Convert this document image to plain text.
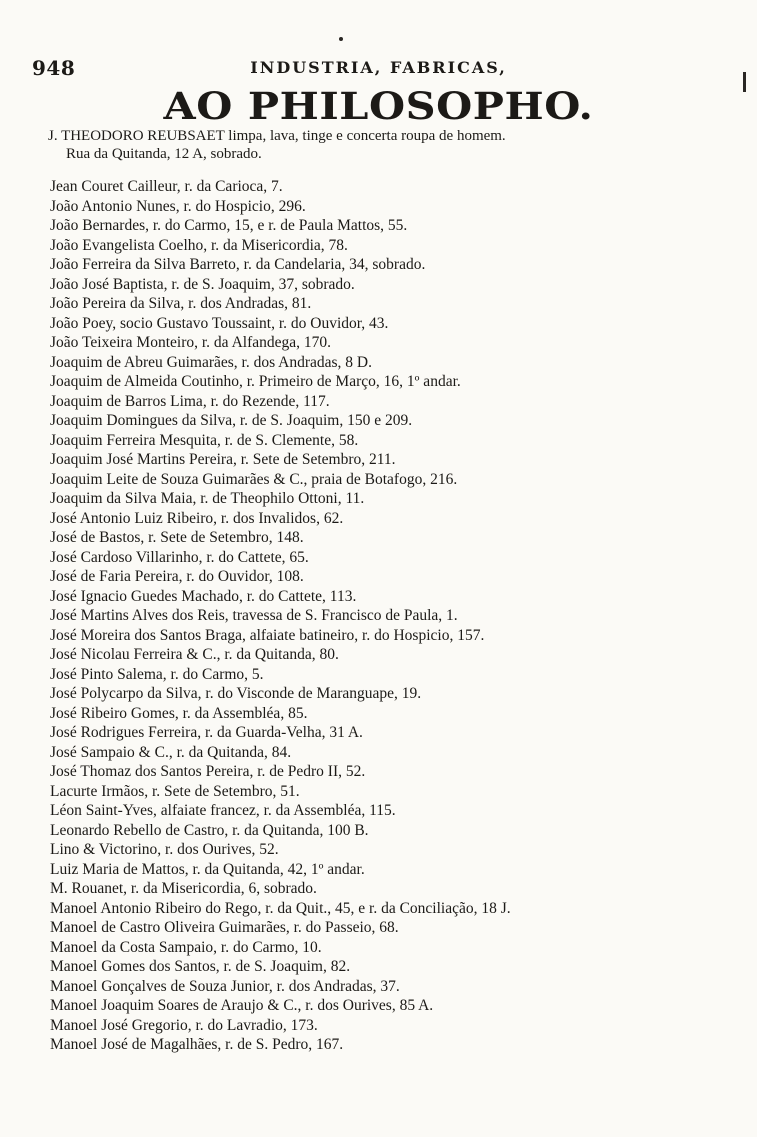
948	INDUSTRIA, FABRICAS,
AO PHILOSOPHO.
J. THEODORO REUBSAET limpa, lava, tinge e concerta roupa de homem.
Rua da Quitanda, 12 A, sobrado.
Jean Couret Cailleur, r. da Carioca, 7.
João Antonio Nunes, r. do Hospicio, 296.
João Bernardes, r. do Carmo, 15, e r. de Paula Mattos, 55.
João Evangelista Coelho, r. da Misericordia, 78.
João Ferreira da Silva Barreto, r. da Candelaria, 34, sobrado.
João José Baptista, r. de S. Joaquim, 37, sobrado.
João Pereira da Silva, r. dos Andradas, 81.
João Poey, socio Gustavo Toussaint, r. do Ouvidor, 43.
João Teixeira Monteiro, r. da Alfandega, 170.
Joaquim de Abreu Guimarães, r. dos Andradas, 8 D.
Joaquim de Almeida Coutinho, r. Primeiro de Março, 16, 1º andar.
Joaquim de Barros Lima, r. do Rezende, 117.
Joaquim Domingues da Silva, r. de S. Joaquim, 150 e 209.
Joaquim Ferreira Mesquita, r. de S. Clemente, 58.
Joaquim José Martins Pereira, r. Sete de Setembro, 211.
Joaquim Leite de Souza Guimarães & C., praia de Botafogo, 216.
Joaquim da Silva Maia, r. de Theophilo Ottoni, 11.
José Antonio Luiz Ribeiro, r. dos Invalidos, 62.
José de Bastos, r. Sete de Setembro, 148.
José Cardoso Villarinho, r. do Cattete, 65.
José de Faria Pereira, r. do Ouvidor, 108.
José Ignacio Guedes Machado, r. do Cattete, 113.
José Martins Alves dos Reis, travessa de S. Francisco de Paula, 1.
José Moreira dos Santos Braga, alfaiate batineiro, r. do Hospicio, 157.
José Nicolau Ferreira & C., r. da Quitanda, 80.
José Pinto Salema, r. do Carmo, 5.
José Polycarpo da Silva, r. do Visconde de Maranguape, 19.
José Ribeiro Gomes, r. da Assembléa, 85.
José Rodrigues Ferreira, r. da Guarda-Velha, 31 A.
José Sampaio & C., r. da Quitanda, 84.
José Thomaz dos Santos Pereira, r. de Pedro II, 52.
Lacurte Irmãos, r. Sete de Setembro, 51.
Léon Saint-Yves, alfaiate francez, r. da Assembléa, 115.
Leonardo Rebello de Castro, r. da Quitanda, 100 B.
Lino & Victorino, r. dos Ourives, 52.
Luiz Maria de Mattos, r. da Quitanda, 42, 1º andar.
M. Rouanet, r. da Misericordia, 6, sobrado.
Manoel Antonio Ribeiro do Rego, r. da Quit., 45, e r. da Conciliação, 18 J.
Manoel de Castro Oliveira Guimarães, r. do Passeio, 68.
Manoel da Costa Sampaio, r. do Carmo, 10.
Manoel Gomes dos Santos, r. de S. Joaquim, 82.
Manoel Gonçalves de Souza Junior, r. dos Andradas, 37.
Manoel Joaquim Soares de Araujo & C., r. dos Ourives, 85 A.
Manoel José Gregorio, r. do Lavradio, 173.
Manoel José de Magalhães, r. de S. Pedro, 167.
